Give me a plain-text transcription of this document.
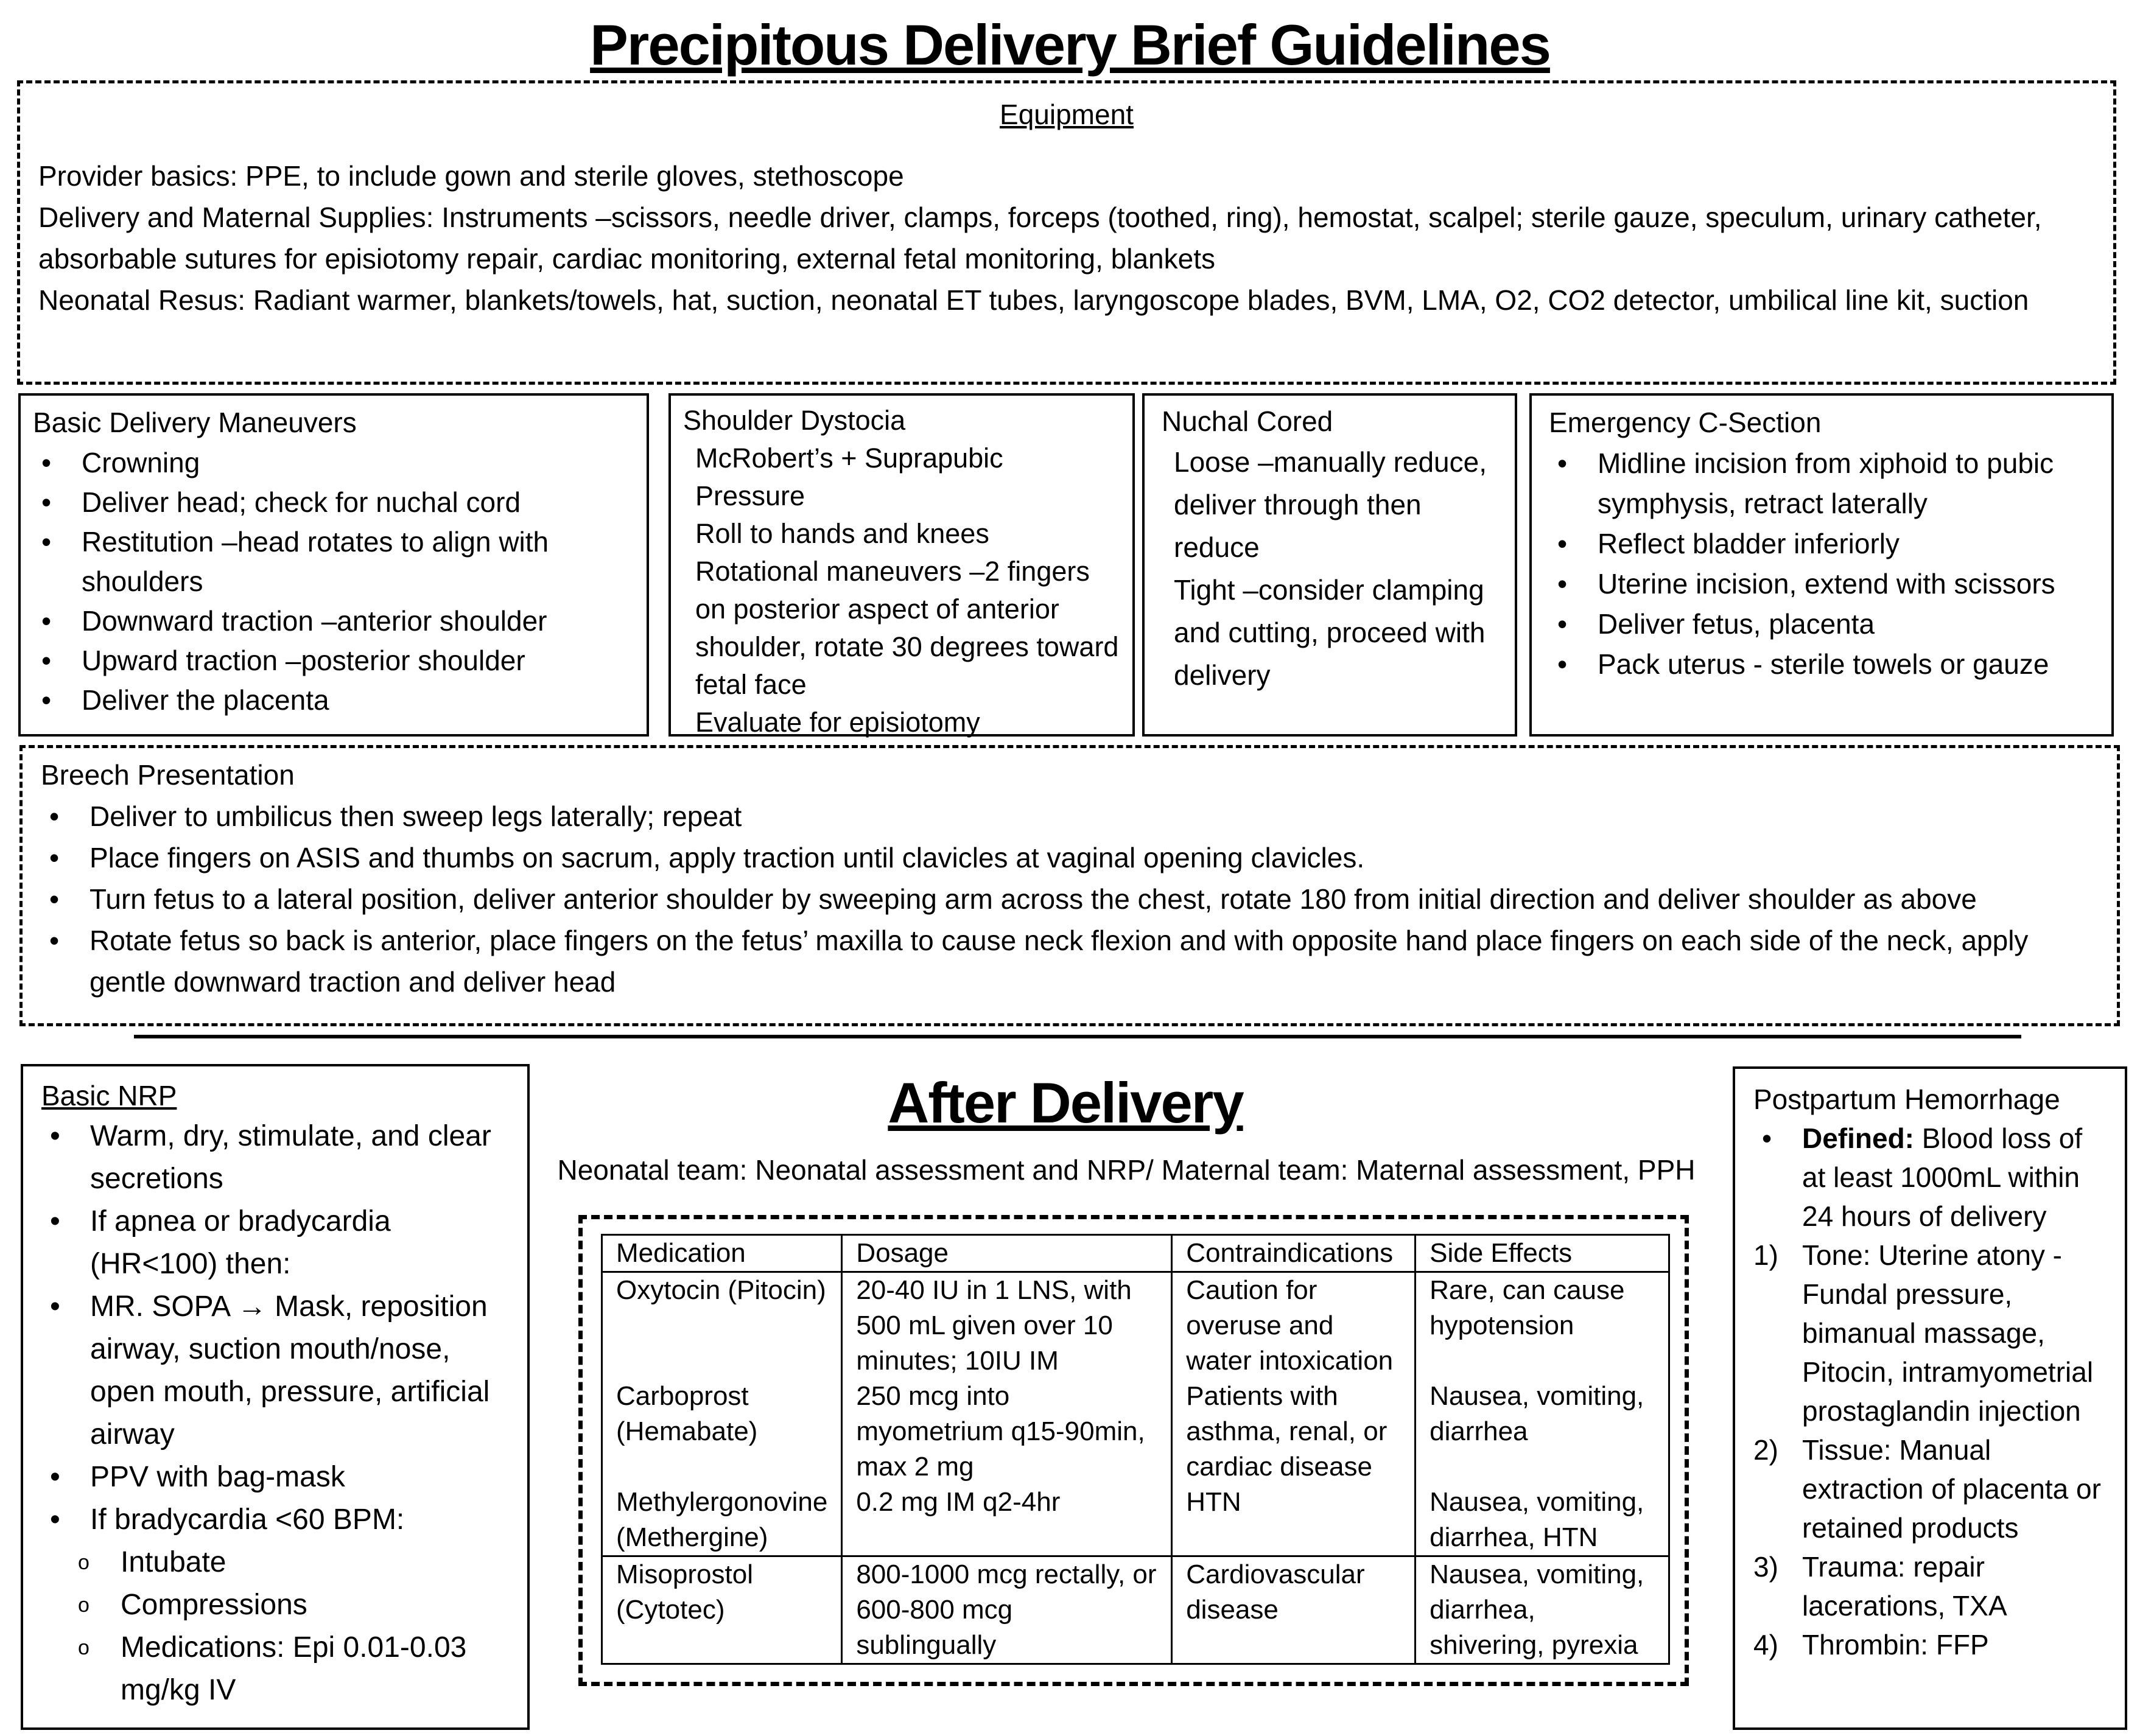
Precipitous Delivery Brief Guidelines
Equipment
Provider basics: PPE, to include gown and sterile gloves, stethoscope
Delivery and Maternal Supplies: Instruments –scissors, needle driver, clamps, forceps (toothed, ring), hemostat, scalpel; sterile gauze, speculum, urinary catheter, absorbable sutures for episiotomy repair, cardiac monitoring, external fetal monitoring, blankets
Neonatal Resus: Radiant warmer, blankets/towels, hat, suction, neonatal ET tubes, laryngoscope blades, BVM, LMA, O2, CO2 detector, umbilical line kit, suction
Basic Delivery Maneuvers
• Crowning
• Deliver head; check for nuchal cord
• Restitution –head rotates to align with shoulders
• Downward traction –anterior shoulder
• Upward traction –posterior shoulder
• Deliver the placenta
Shoulder Dystocia
McRobert’s + Suprapubic Pressure
Roll to hands and knees
Rotational maneuvers –2 fingers on posterior aspect of anterior shoulder, rotate 30 degrees toward fetal face
Evaluate for episiotomy
Nuchal Cored
Loose –manually reduce, deliver through then reduce
Tight –consider clamping and cutting, proceed with delivery
Emergency C-Section
• Midline incision from xiphoid to pubic symphysis, retract laterally
• Reflect bladder inferiorly
• Uterine incision, extend with scissors
• Deliver fetus, placenta
• Pack uterus - sterile towels or gauze
Breech Presentation
• Deliver to umbilicus then sweep legs laterally; repeat
• Place fingers on ASIS and thumbs on sacrum, apply traction until clavicles at vaginal opening clavicles.
• Turn fetus to a lateral position, deliver anterior shoulder by sweeping arm across the chest, rotate 180 from initial direction and deliver shoulder as above
• Rotate fetus so back is anterior, place fingers on the fetus’ maxilla to cause neck flexion and with opposite hand place fingers on each side of the neck, apply gentle downward traction and deliver head
Basic NRP
• Warm, dry, stimulate, and clear secretions
• If apnea or bradycardia (HR<100) then:
• MR. SOPA → Mask, reposition airway, suction mouth/nose, open mouth, pressure, artificial airway
• PPV with bag-mask
• If bradycardia <60 BPM:
o Intubate
o Compressions
o Medications: Epi 0.01-0.03 mg/kg IV
After Delivery
Neonatal team: Neonatal assessment and NRP/ Maternal team: Maternal assessment, PPH
Medication	Dosage	Contraindications	Side Effects
Oxytocin (Pitocin)	20-40 IU in 1 LNS, with 500 mL given over 10 minutes; 10IU IM	Caution for overuse and water intoxication	Rare, can cause hypotension
Carboprost (Hemabate)	250 mcg into myometrium q15-90min, max 2 mg	Patients with asthma, renal, or cardiac disease	Nausea, vomiting, diarrhea
Methylergonovine (Methergine)	0.2 mg IM q2-4hr	HTN	Nausea, vomiting, diarrhea, HTN
Misoprostol (Cytotec)	800-1000 mcg rectally, or 600-800 mcg sublingually	Cardiovascular disease	Nausea, vomiting, diarrhea, shivering, pyrexia
Postpartum Hemorrhage
• Defined: Blood loss of at least 1000mL within 24 hours of delivery
1) Tone: Uterine atony - Fundal pressure, bimanual massage, Pitocin, intramyometrial prostaglandin injection
2) Tissue: Manual extraction of placenta or retained products
3) Trauma: repair lacerations, TXA
4) Thrombin: FFP
